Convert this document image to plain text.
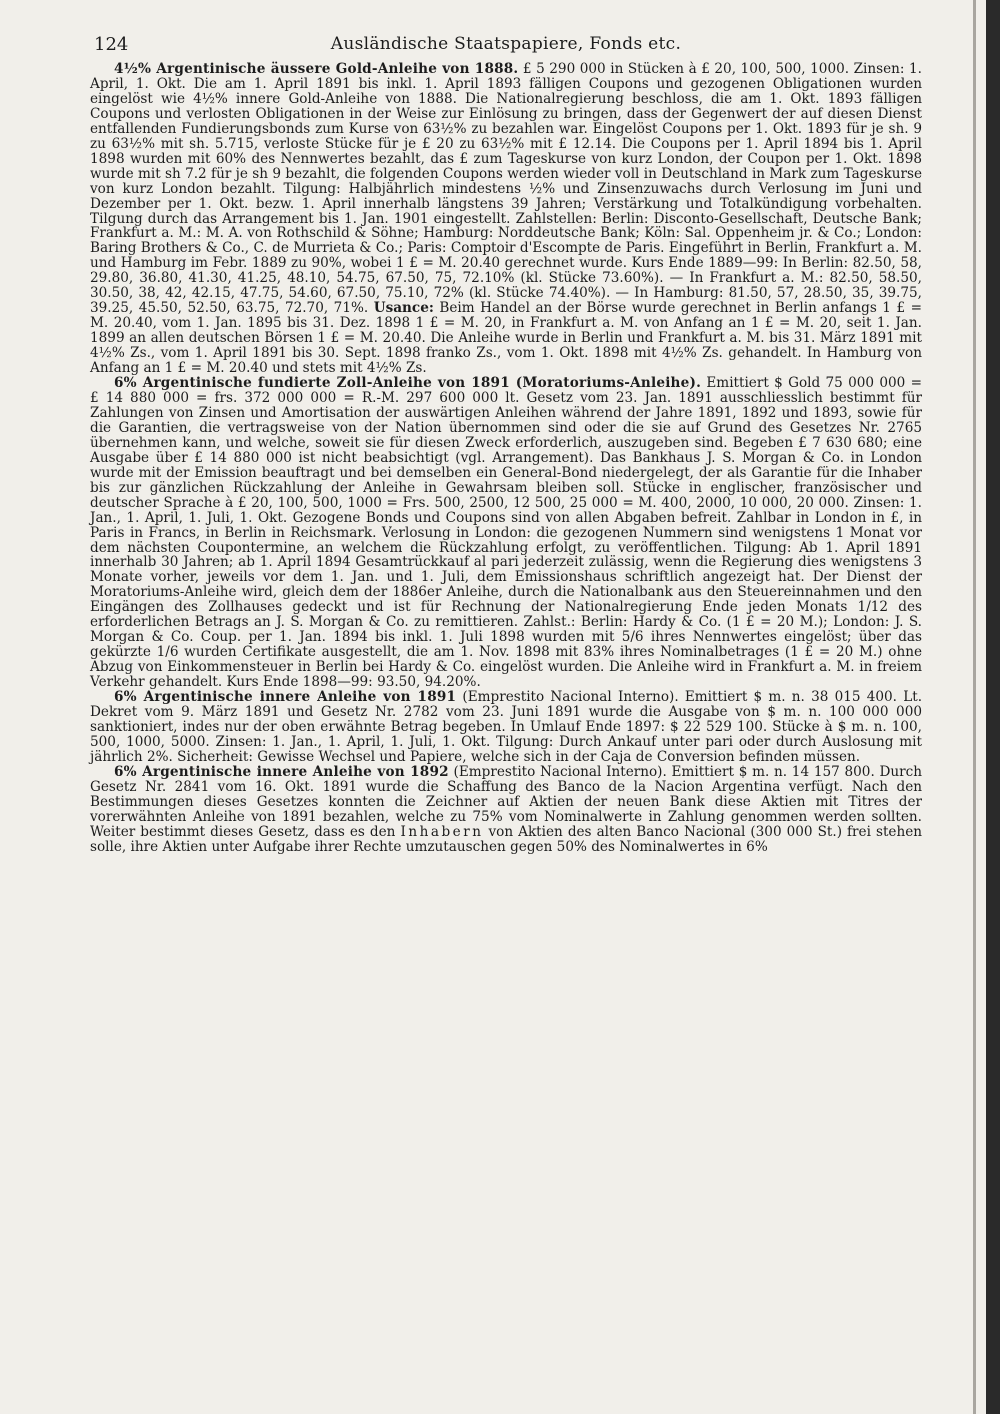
124	Ausländische Staatspapiere, Fonds etc.

4½% Argentinische äussere Gold-Anleihe von 1888. £ 5 290 000 in Stücken à £ 20, 100, 500, 1000. Zinsen: 1. April, 1. Okt. Die am 1. April 1891 bis inkl. 1. April 1893 fälligen Coupons und gezogenen Obligationen wurden eingelöst wie 4½% innere Gold-Anleihe von 1888. Die Nationalregierung beschloss, die am 1. Okt. 1893 fälligen Coupons und verlosten Obligationen in der Weise zur Einlösung zu bringen, dass der Gegenwert der auf diesen Dienst entfallenden Fundierungsbonds zum Kurse von 63½% zu bezahlen war. Eingelöst Coupons per 1. Okt. 1893 für je sh. 9 zu 63½% mit sh. 5.715, verloste Stücke für je £ 20 zu 63½% mit £ 12.14. Die Coupons per 1. April 1894 bis 1. April 1898 wurden mit 60% des Nennwertes bezahlt, das £ zum Tageskurse von kurz London, der Coupon per 1. Okt. 1898 wurde mit sh 7.2 für je sh 9 bezahlt, die folgenden Coupons werden wieder voll in Deutschland in Mark zum Tageskurse von kurz London bezahlt. Tilgung: Halbjährlich mindestens ½% und Zinsenzuwachs durch Verlosung im Juni und Dezember per 1. Okt. bezw. 1. April innerhalb längstens 39 Jahren; Verstärkung und Totalkündigung vorbehalten. Tilgung durch das Arrangement bis 1. Jan. 1901 eingestellt. Zahlstellen: Berlin: Disconto-Gesellschaft, Deutsche Bank; Frankfurt a. M.: M. A. von Rothschild & Söhne; Hamburg: Norddeutsche Bank; Köln: Sal. Oppenheim jr. & Co.; London: Baring Brothers & Co., C. de Murrieta & Co.; Paris: Comptoir d'Escompte de Paris. Eingeführt in Berlin, Frankfurt a. M. und Hamburg im Febr. 1889 zu 90%, wobei 1 £ = M. 20.40 gerechnet wurde. Kurs Ende 1889—99: In Berlin: 82.50, 58, 29.80, 36.80, 41.30, 41.25, 48.10, 54.75, 67.50, 75, 72.10% (kl. Stücke 73.60%). — In Frankfurt a. M.: 82.50, 58.50, 30.50, 38, 42, 42.15, 47.75, 54.60, 67.50, 75.10, 72% (kl. Stücke 74.40%). — In Hamburg: 81.50, 57, 28.50, 35, 39.75, 39.25, 45.50, 52.50, 63.75, 72.70, 71%. Usance: Beim Handel an der Börse wurde gerechnet in Berlin anfangs 1 £ = M. 20.40, vom 1. Jan. 1895 bis 31. Dez. 1898 1 £ = M. 20, in Frankfurt a. M. von Anfang an 1 £ = M. 20, seit 1. Jan. 1899 an allen deutschen Börsen 1 £ = M. 20.40. Die Anleihe wurde in Berlin und Frankfurt a. M. bis 31. März 1891 mit 4½% Zs., vom 1. April 1891 bis 30. Sept. 1898 franko Zs., vom 1. Okt. 1898 mit 4½% Zs. gehandelt. In Hamburg von Anfang an 1 £ = M. 20.40 und stets mit 4½% Zs.

6% Argentinische fundierte Zoll-Anleihe von 1891 (Moratoriums-Anleihe). Emittiert $ Gold 75 000 000 = £ 14 880 000 = frs. 372 000 000 = R.-M. 297 600 000 lt. Gesetz vom 23. Jan. 1891 ausschliesslich bestimmt für Zahlungen von Zinsen und Amortisation der auswärtigen Anleihen während der Jahre 1891, 1892 und 1893, sowie für die Garantien, die vertragsweise von der Nation übernommen sind oder die sie auf Grund des Gesetzes Nr. 2765 übernehmen kann, und welche, soweit sie für diesen Zweck erforderlich, auszugeben sind. Begeben £ 7 630 680; eine Ausgabe über £ 14 880 000 ist nicht beabsichtigt (vgl. Arrangement). Das Bankhaus J. S. Morgan & Co. in London wurde mit der Emission beauftragt und bei demselben ein General-Bond niedergelegt, der als Garantie für die Inhaber bis zur gänzlichen Rückzahlung der Anleihe in Gewahrsam bleiben soll. Stücke in englischer, französischer und deutscher Sprache à £ 20, 100, 500, 1000 = Frs. 500, 2500, 12 500, 25 000 = M. 400, 2000, 10 000, 20 000. Zinsen: 1. Jan., 1. April, 1. Juli, 1. Okt. Gezogene Bonds und Coupons sind von allen Abgaben befreit. Zahlbar in London in £, in Paris in Francs, in Berlin in Reichsmark. Verlosung in London: die gezogenen Nummern sind wenigstens 1 Monat vor dem nächsten Coupontermine, an welchem die Rückzahlung erfolgt, zu veröffentlichen. Tilgung: Ab 1. April 1891 innerhalb 30 Jahren; ab 1. April 1894 Gesamtrückkauf al pari jederzeit zulässig, wenn die Regierung dies wenigstens 3 Monate vorher, jeweils vor dem 1. Jan. und 1. Juli, dem Emissionshaus schriftlich angezeigt hat. Der Dienst der Moratoriums-Anleihe wird, gleich dem der 1886er Anleihe, durch die Nationalbank aus den Steuereinnahmen und den Eingängen des Zollhauses gedeckt und ist für Rechnung der Nationalregierung Ende jeden Monats 1/12 des erforderlichen Betrags an J. S. Morgan & Co. zu remittieren. Zahlst.: Berlin: Hardy & Co. (1 £ = 20 M.); London: J. S. Morgan & Co. Coup. per 1. Jan. 1894 bis inkl. 1. Juli 1898 wurden mit 5/6 ihres Nennwertes eingelöst; über das gekürzte 1/6 wurden Certifikate ausgestellt, die am 1. Nov. 1898 mit 83% ihres Nominalbetrages (1 £ = 20 M.) ohne Abzug von Einkommensteuer in Berlin bei Hardy & Co. eingelöst wurden. Die Anleihe wird in Frankfurt a. M. in freiem Verkehr gehandelt. Kurs Ende 1898—99: 93.50, 94.20%.

6% Argentinische innere Anleihe von 1891 (Emprestito Nacional Interno). Emittiert $ m. n. 38 015 400. Lt. Dekret vom 9. März 1891 und Gesetz Nr. 2782 vom 23. Juni 1891 wurde die Ausgabe von $ m. n. 100 000 000 sanktioniert, indes nur der oben erwähnte Betrag begeben. In Umlauf Ende 1897: $ 22 529 100. Stücke à $ m. n. 100, 500, 1000, 5000. Zinsen: 1. Jan., 1. April, 1. Juli, 1. Okt. Tilgung: Durch Ankauf unter pari oder durch Auslosung mit jährlich 2%. Sicherheit: Gewisse Wechsel und Papiere, welche sich in der Caja de Conversion befinden müssen.

6% Argentinische innere Anleihe von 1892 (Emprestito Nacional Interno). Emittiert $ m. n. 14 157 800. Durch Gesetz Nr. 2841 vom 16. Okt. 1891 wurde die Schaffung des Banco de la Nacion Argentina verfügt. Nach den Bestimmungen dieses Gesetzes konnten die Zeichner auf Aktien der neuen Bank diese Aktien mit Titres der vorerwähnten Anleihe von 1891 bezahlen, welche zu 75% vom Nominalwerte in Zahlung genommen werden sollten. Weiter bestimmt dieses Gesetz, dass es den Inhabern von Aktien des alten Banco Nacional (300 000 St.) frei stehen solle, ihre Aktien unter Aufgabe ihrer Rechte umzutauschen gegen 50% des Nominalwertes in 6%
